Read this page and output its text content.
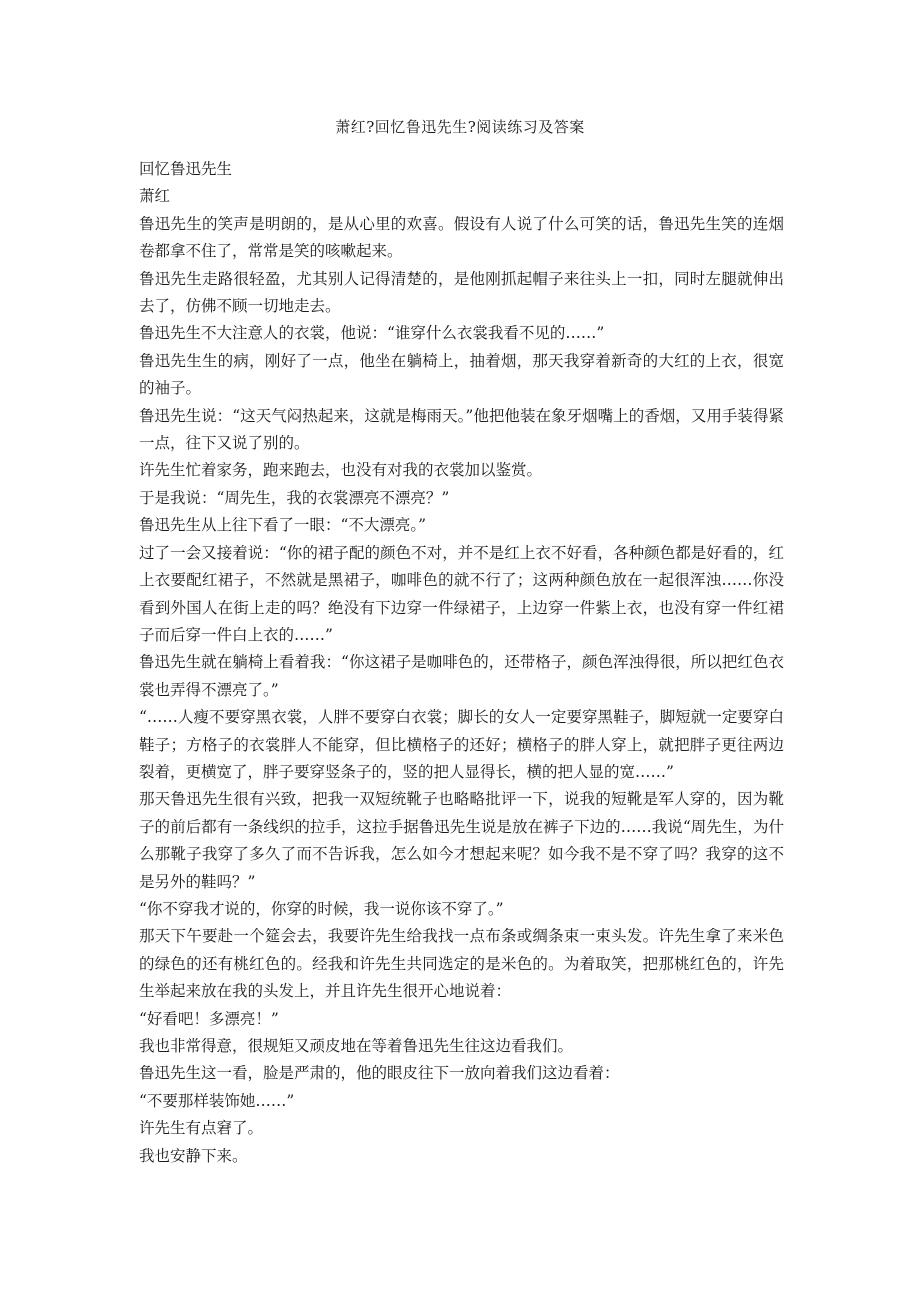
萧红?回忆鲁迅先生?阅读练习及答案

回忆鲁迅先生

萧红

鲁迅先生的笑声是明朗的，是从心里的欢喜。假设有人说了什么可笑的话，鲁迅先生笑的连烟卷都拿不住了，常常是笑的咳嗽起来。

鲁迅先生走路很轻盈，尤其别人记得清楚的，是他刚抓起帽子来往头上一扣，同时左腿就伸出去了，仿佛不顾一切地走去。

鲁迅先生不大注意人的衣裳，他说：“谁穿什么衣裳我看不见的……”

鲁迅先生生的病，刚好了一点，他坐在躺椅上，抽着烟，那天我穿着新奇的大红的上衣，很宽的袖子。

鲁迅先生说：“这天气闷热起来，这就是梅雨天。”他把他装在象牙烟嘴上的香烟，又用手装得紧一点，往下又说了别的。

许先生忙着家务，跑来跑去，也没有对我的衣裳加以鉴赏。

于是我说：“周先生，我的衣裳漂亮不漂亮？”

鲁迅先生从上往下看了一眼：“不大漂亮。”

过了一会又接着说：“你的裙子配的颜色不对，并不是红上衣不好看，各种颜色都是好看的，红上衣要配红裙子，不然就是黑裙子，咖啡色的就不行了；这两种颜色放在一起很浑浊……你没看到外国人在街上走的吗？绝没有下边穿一件绿裙子，上边穿一件紫上衣，也没有穿一件红裙子而后穿一件白上衣的……”

鲁迅先生就在躺椅上看着我：“你这裙子是咖啡色的，还带格子，颜色浑浊得很，所以把红色衣裳也弄得不漂亮了。”

“……人瘦不要穿黑衣裳，人胖不要穿白衣裳；脚长的女人一定要穿黑鞋子，脚短就一定要穿白鞋子；方格子的衣裳胖人不能穿，但比横格子的还好；横格子的胖人穿上，就把胖子更往两边裂着，更横宽了，胖子要穿竖条子的，竖的把人显得长，横的把人显的宽……”

那天鲁迅先生很有兴致，把我一双短统靴子也略略批评一下，说我的短靴是军人穿的，因为靴子的前后都有一条线织的拉手，这拉手据鲁迅先生说是放在裤子下边的……我说“周先生，为什么那靴子我穿了多久了而不告诉我，怎么如今才想起来呢？如今我不是不穿了吗？我穿的这不是另外的鞋吗？”

“你不穿我才说的，你穿的时候，我一说你该不穿了。”

那天下午要赴一个筵会去，我要许先生给我找一点布条或绸条束一束头发。许先生拿了来米色的绿色的还有桃红色的。经我和许先生共同选定的是米色的。为着取笑，把那桃红色的，许先生举起来放在我的头发上，并且许先生很开心地说着：

“好看吧！多漂亮！”

我也非常得意，很规矩又顽皮地在等着鲁迅先生往这边看我们。

鲁迅先生这一看，脸是严肃的，他的眼皮往下一放向着我们这边看着：

“不要那样装饰她……”

许先生有点窘了。

我也安静下来。
